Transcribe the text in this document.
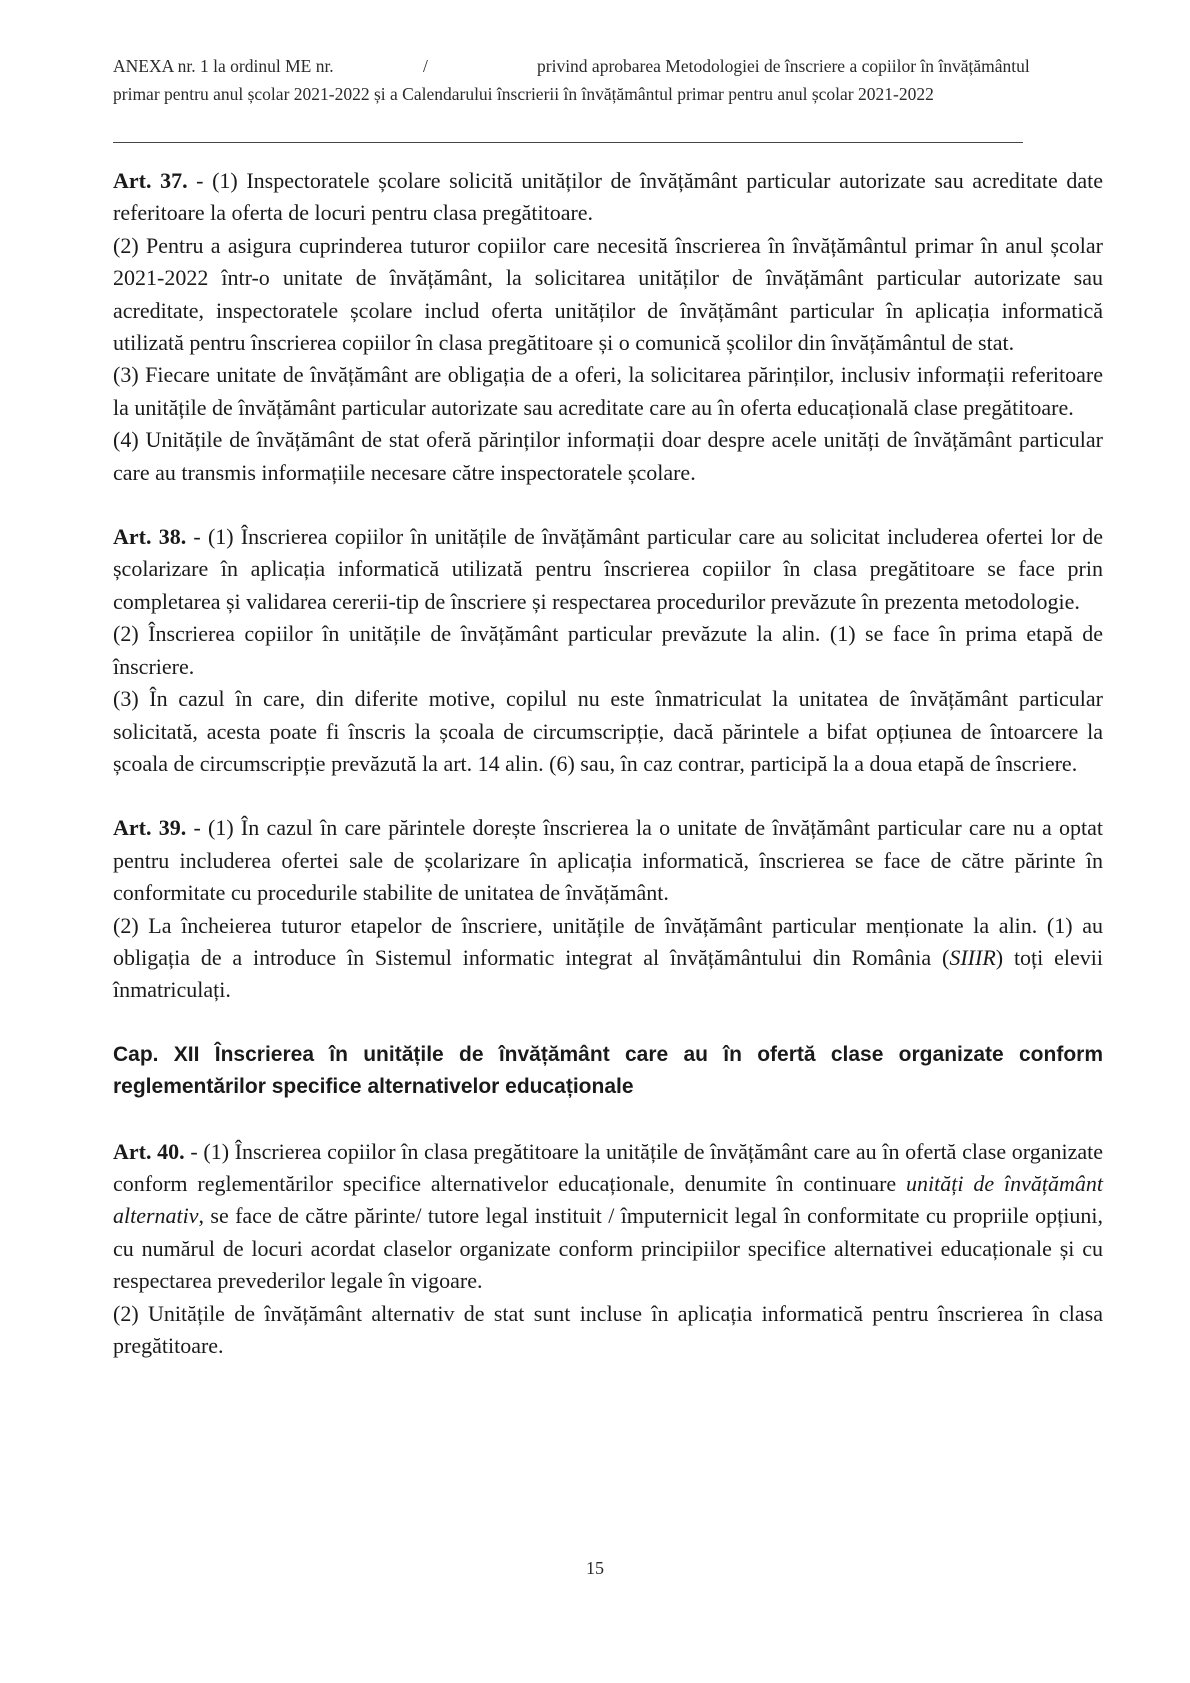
ANEXA nr. 1 la ordinul ME nr.	/	privind aprobarea Metodologiei de înscriere a copiilor în învățământul
primar pentru anul școlar 2021-2022 și a Calendarului înscrierii în învățământul primar pentru anul școlar 2021-2022

Art. 37. - (1) Inspectoratele școlare solicită unităților de învățământ particular autorizate sau acreditate date referitoare la oferta de locuri pentru clasa pregătitoare.

(2) Pentru a asigura cuprinderea tuturor copiilor care necesită înscrierea în învățământul primar în anul școlar 2021-2022 într-o unitate de învățământ, la solicitarea unităților de învățământ particular autorizate sau acreditate, inspectoratele școlare includ oferta unităților de învățământ particular în aplicația informatică utilizată pentru înscrierea copiilor în clasa pregătitoare și o comunică școlilor din învățământul de stat.

(3) Fiecare unitate de învățământ are obligația de a oferi, la solicitarea părinților, inclusiv informații referitoare la unitățile de învățământ particular autorizate sau acreditate care au în oferta educațională clase pregătitoare.

(4) Unitățile de învățământ de stat oferă părinților informații doar despre acele unități de învățământ particular care au transmis informațiile necesare către inspectoratele școlare.

Art. 38. - (1) Înscrierea copiilor în unitățile de învățământ particular care au solicitat includerea ofertei lor de școlarizare în aplicația informatică utilizată pentru înscrierea copiilor în clasa pregătitoare se face prin completarea și validarea cererii-tip de înscriere și respectarea procedurilor prevăzute în prezenta metodologie.

(2) Înscrierea copiilor în unitățile de învățământ particular prevăzute la alin. (1) se face în prima etapă de înscriere.

(3) În cazul în care, din diferite motive, copilul nu este înmatriculat la unitatea de învățământ particular solicitată, acesta poate fi înscris la școala de circumscripție, dacă părintele a bifat opțiunea de întoarcere la școala de circumscripție prevăzută la art. 14 alin. (6) sau, în caz contrar, participă la a doua etapă de înscriere.

Art. 39. - (1) În cazul în care părintele dorește înscrierea la o unitate de învățământ particular care nu a optat pentru includerea ofertei sale de școlarizare în aplicația informatică, înscrierea se face de către părinte în conformitate cu procedurile stabilite de unitatea de învățământ.

(2) La încheierea tuturor etapelor de înscriere, unitățile de învățământ particular menționate la alin. (1) au obligația de a introduce în Sistemul informatic integrat al învățământului din România (SIIIR) toți elevii înmatriculați.

Cap. XII Înscrierea în unitățile de învățământ care au în ofertă clase organizate conform reglementărilor specifice alternativelor educaționale

Art. 40. - (1) Înscrierea copiilor în clasa pregătitoare la unitățile de învățământ care au în ofertă clase organizate conform reglementărilor specifice alternativelor educaționale, denumite în continuare unități de învățământ alternativ, se face de către părinte/ tutore legal instituit / împuternicit legal în conformitate cu propriile opțiuni, cu numărul de locuri acordat claselor organizate conform principiilor specifice alternativei educaționale și cu respectarea prevederilor legale în vigoare.

(2) Unitățile de învățământ alternativ de stat sunt incluse în aplicația informatică pentru înscrierea în clasa pregătitoare.

15
